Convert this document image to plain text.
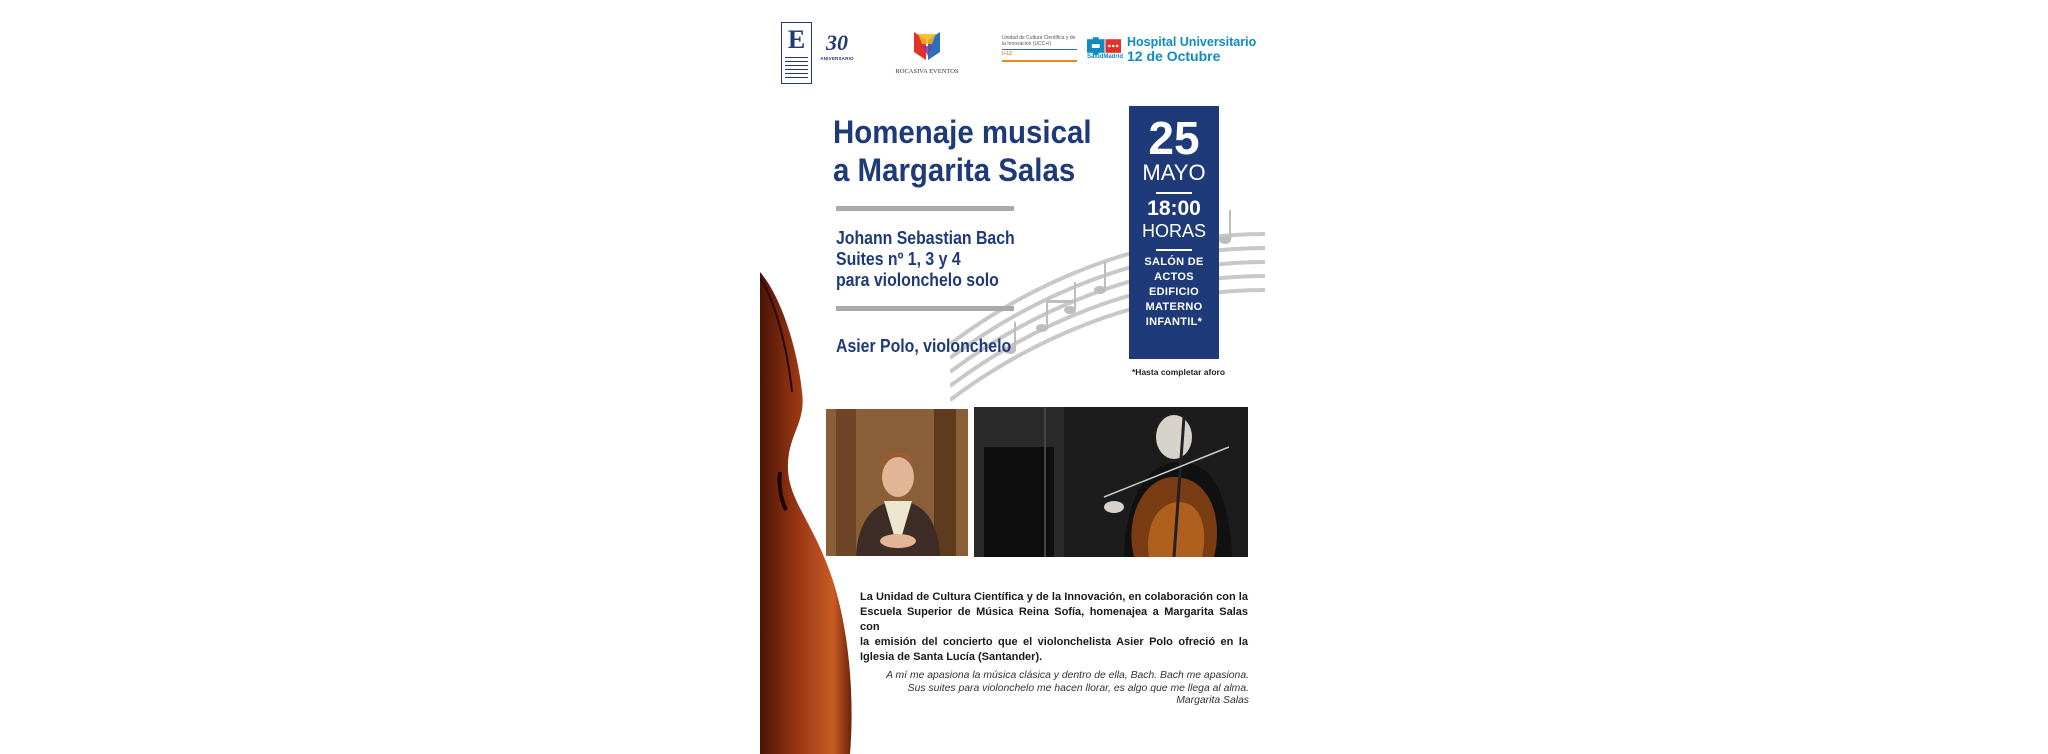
E 30
ANIVERSARIO
ROCASIVA EVENTOS
Unidad de Cultura Científica y de la Innovación (UCC+i)
i+12	SaludMadrid
Hospital Universitario
12 de Octubre
Homenaje musical
a Margarita Salas
Johann Sebastian Bach
Suites nº 1, 3 y 4
para violonchelo solo
Asier Polo, violonchelo
25
MAYO
18:00
HORAS
SALÓN DE
ACTOS
EDIFICIO
MATERNO
INFANTIL*
*Hasta completar aforo
La Unidad de Cultura Científica y de la Innovación, en colaboración con la
Escuela Superior de Música Reina Sofía, homenajea a Margarita Salas con
la emisión del concierto que el violonchelista Asier Polo ofreció en la
Iglesia de Santa Lucía (Santander).
A mí me apasiona la música clásica y dentro de ella, Bach. Bach me apasiona.
Sus suites para violonchelo me hacen llorar, es algo que me llega al alma.
Margarita Salas
